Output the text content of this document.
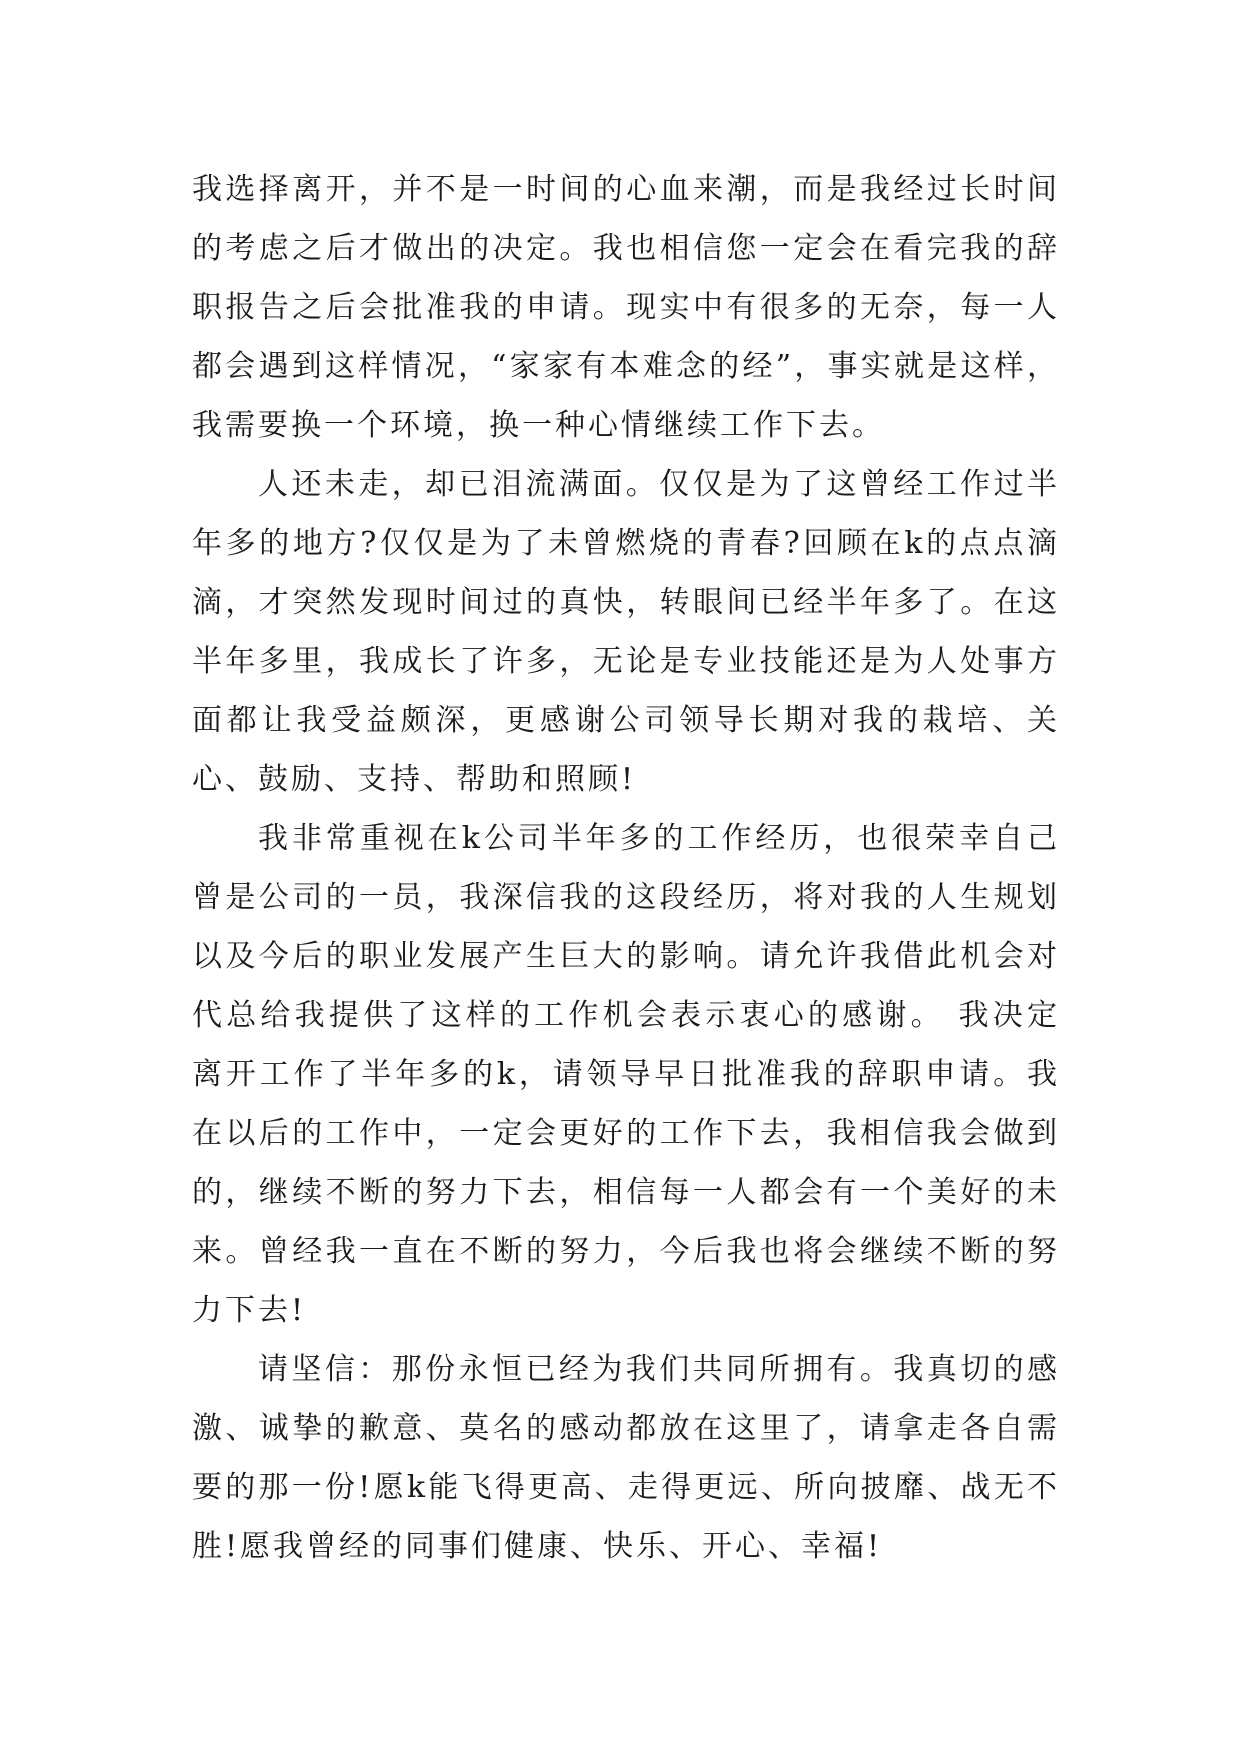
我选择离开，并不是一时间的心血来潮，而是我经过长时间的考虑之后才做出的决定。我也相信您一定会在看完我的辞职报告之后会批准我的申请。现实中有很多的无奈，每一人都会遇到这样情况，“家家有本难念的经”，事实就是这样，我需要换一个环境，换一种心情继续工作下去。

人还未走，却已泪流满面。仅仅是为了这曾经工作过半年多的地方?仅仅是为了未曾燃烧的青春?回顾在k的点点滴滴，才突然发现时间过的真快，转眼间已经半年多了。在这半年多里，我成长了许多，无论是专业技能还是为人处事方面都让我受益颇深，更感谢公司领导长期对我的栽培、关心、鼓励、支持、帮助和照顾!

我非常重视在k公司半年多的工作经历，也很荣幸自己曾是公司的一员，我深信我的这段经历，将对我的人生规划以及今后的职业发展产生巨大的影响。请允许我借此机会对代总给我提供了这样的工作机会表示衷心的感谢。 我决定离开工作了半年多的k，请领导早日批准我的辞职申请。我在以后的工作中，一定会更好的工作下去，我相信我会做到的，继续不断的努力下去，相信每一人都会有一个美好的未来。曾经我一直在不断的努力，今后我也将会继续不断的努力下去!

请坚信：那份永恒已经为我们共同所拥有。我真切的感激、诚挚的歉意、莫名的感动都放在这里了，请拿走各自需要的那一份!愿k能飞得更高、走得更远、所向披靡、战无不胜!愿我曾经的同事们健康、快乐、开心、幸福!
